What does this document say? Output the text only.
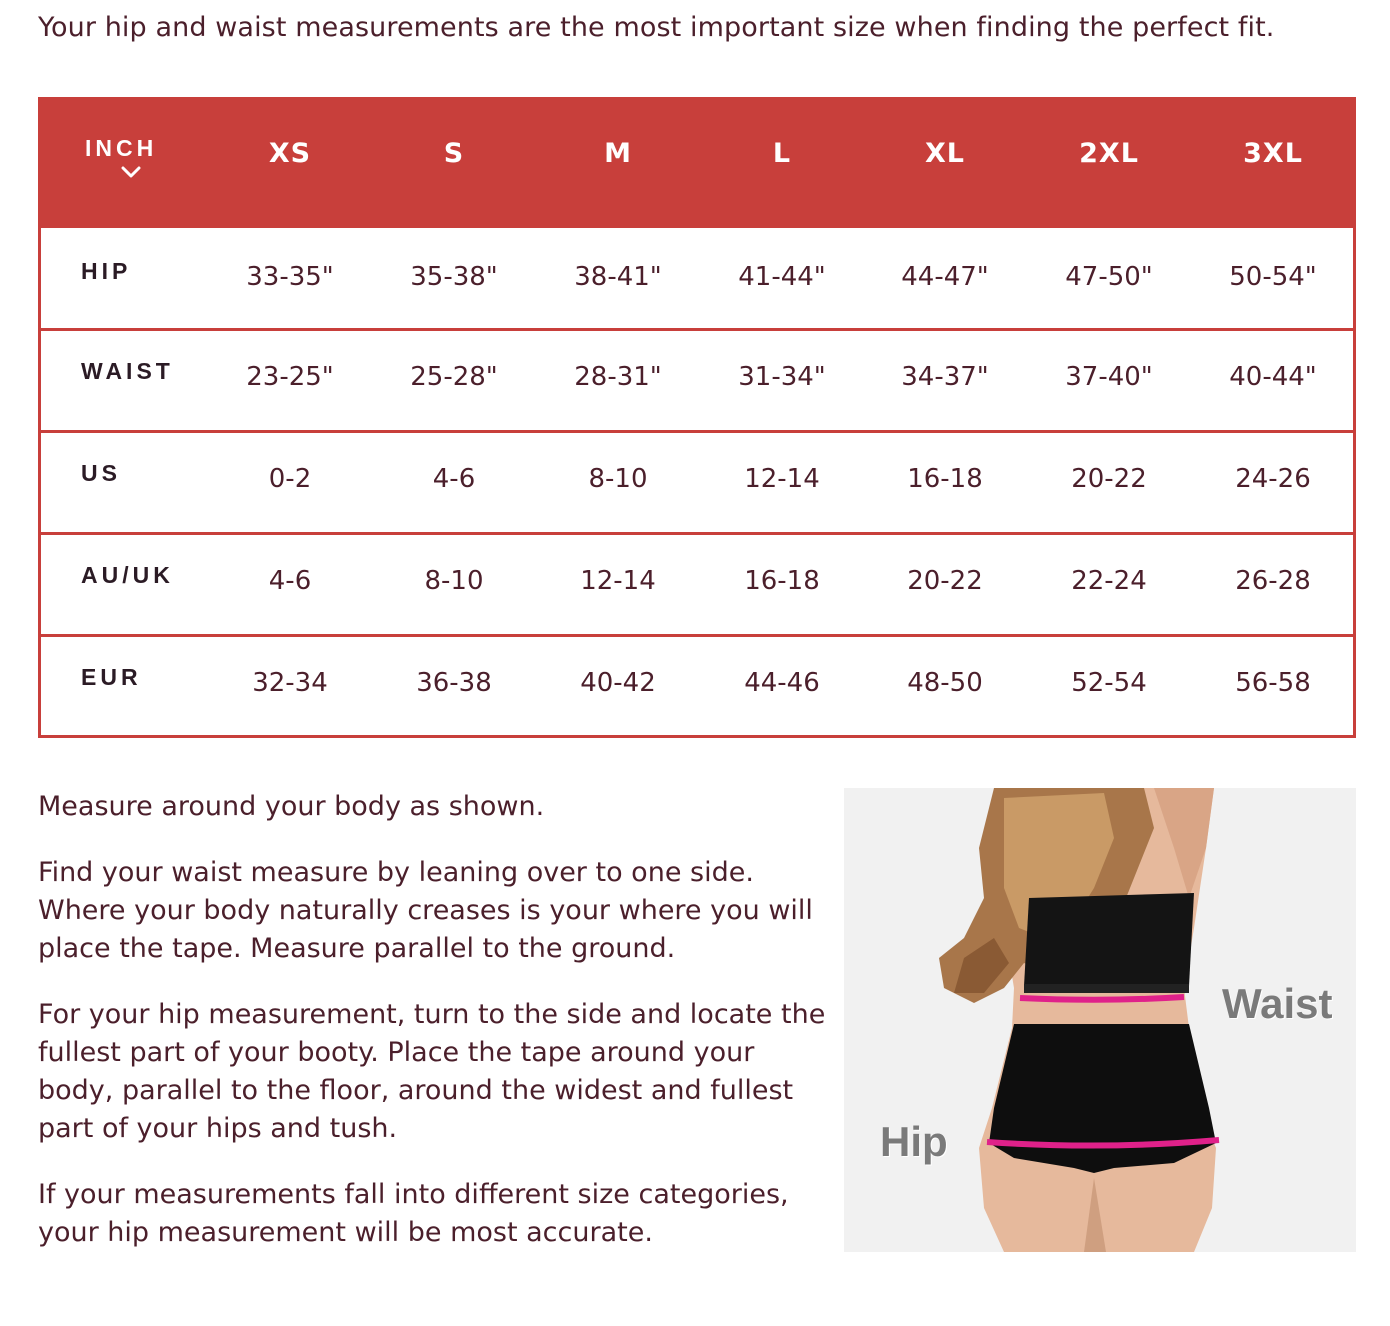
Your hip and waist measurements are the most important size when finding the perfect fit.
INCH	XS	S	M	L	XL	2XL	3XL
HIP	33-35"	35-38"	38-41"	41-44"	44-47"	47-50"	50-54"
WAIST	23-25"	25-28"	28-31"	31-34"	34-37"	37-40"	40-44"
US	0-2	4-6	8-10	12-14	16-18	20-22	24-26
AU/UK	4-6	8-10	12-14	16-18	20-22	22-24	26-28
EUR	32-34	36-38	40-42	44-46	48-50	52-54	56-58

Measure around your body as shown.

Find your waist measure by leaning over to one side. Where your body naturally creases is your where you will place the tape. Measure parallel to the ground.

For your hip measurement, turn to the side and locate the fullest part of your booty. Place the tape around your body, parallel to the floor, around the widest and fullest part of your hips and tush.

If your measurements fall into different size categories, your hip measurement will be most accurate.

Waist
Hip
